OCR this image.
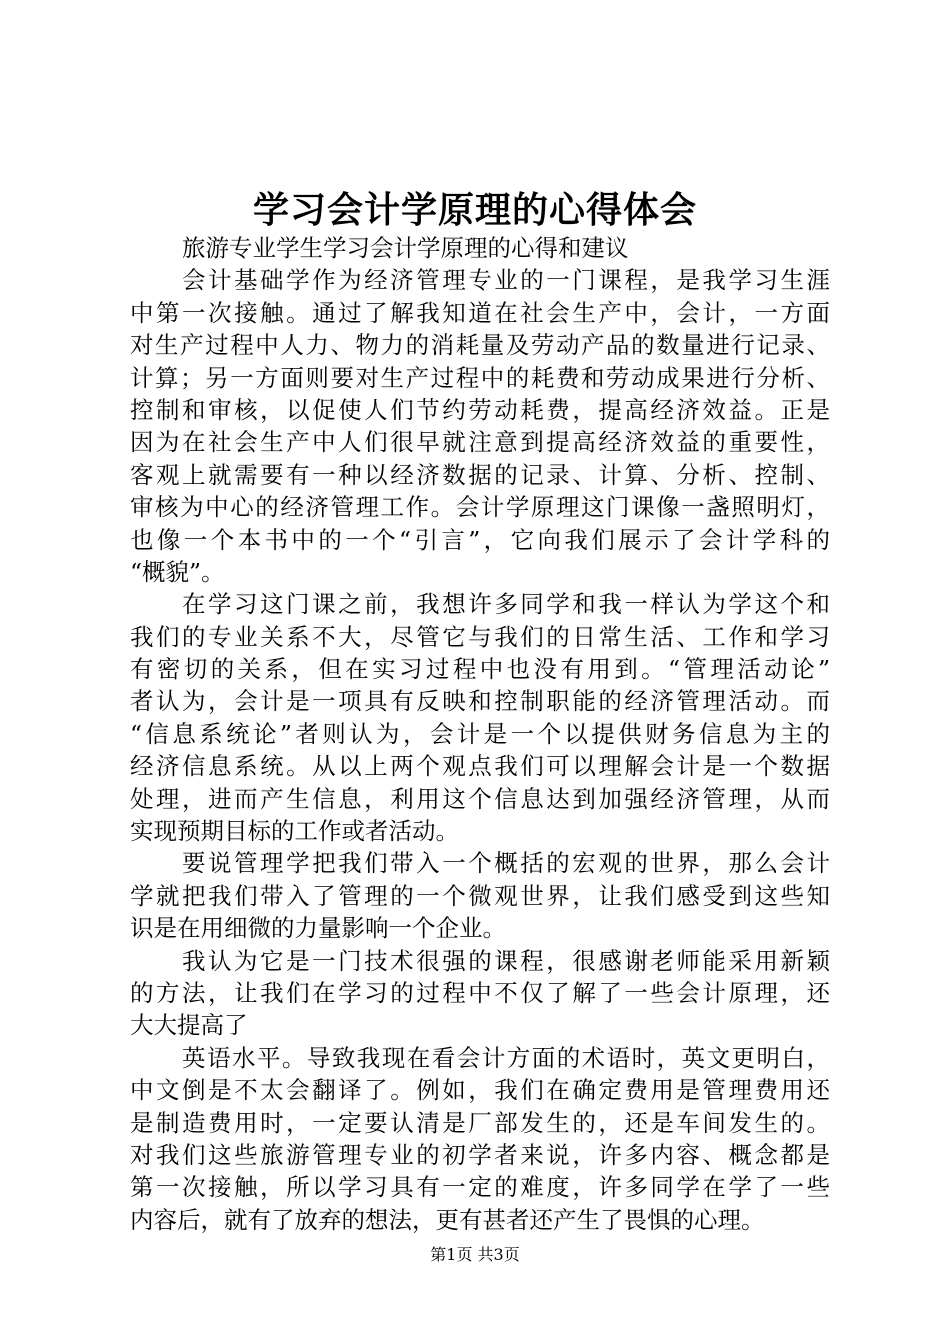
学习会计学原理的心得体会
旅游专业学生学习会计学原理的心得和建议
会计基础学作为经济管理专业的一门课程，是我学习生涯
中第一次接触。通过了解我知道在社会生产中，会计，一方面
对生产过程中人力、物力的消耗量及劳动产品的数量进行记录、
计算；另一方面则要对生产过程中的耗费和劳动成果进行分析、
控制和审核，以促使人们节约劳动耗费，提高经济效益。正是
因为在社会生产中人们很早就注意到提高经济效益的重要性，
客观上就需要有一种以经济数据的记录、计算、分析、控制、
审核为中心的经济管理工作。会计学原理这门课像一盏照明灯，
也像一个本书中的一个“引言”，它向我们展示了会计学科的
“概貌”。
在学习这门课之前，我想许多同学和我一样认为学这个和
我们的专业关系不大，尽管它与我们的日常生活、工作和学习
有密切的关系，但在实习过程中也没有用到。“管理活动论”
者认为，会计是一项具有反映和控制职能的经济管理活动。而
“信息系统论”者则认为，会计是一个以提供财务信息为主的
经济信息系统。从以上两个观点我们可以理解会计是一个数据
处理，进而产生信息，利用这个信息达到加强经济管理，从而
实现预期目标的工作或者活动。
要说管理学把我们带入一个概括的宏观的世界，那么会计
学就把我们带入了管理的一个微观世界，让我们感受到这些知
识是在用细微的力量影响一个企业。
我认为它是一门技术很强的课程，很感谢老师能采用新颖
的方法，让我们在学习的过程中不仅了解了一些会计原理，还
大大提高了
英语水平。导致我现在看会计方面的术语时，英文更明白，
中文倒是不太会翻译了。例如，我们在确定费用是管理费用还
是制造费用时，一定要认清是厂部发生的，还是车间发生的。
对我们这些旅游管理专业的初学者来说，许多内容、概念都是
第一次接触，所以学习具有一定的难度，许多同学在学了一些
内容后，就有了放弃的想法，更有甚者还产生了畏惧的心理。
第1页 共3页
